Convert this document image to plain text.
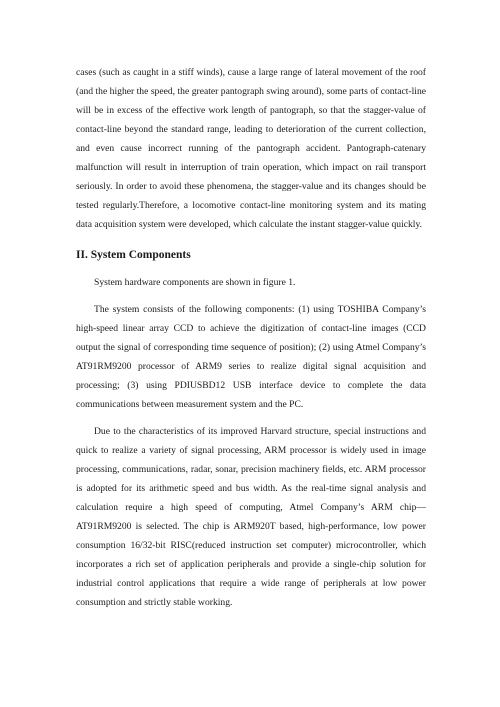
cases (such as caught in a stiff winds), cause a large range of lateral movement of the roof (and the higher the speed, the greater pantograph swing around), some parts of contact-line will be in excess of the effective work length of pantograph, so that the stagger-value of contact-line beyond the standard range, leading to deterioration of the current collection, and even cause incorrect running of the pantograph accident. Pantograph-catenary malfunction will result in interruption of train operation, which impact on rail transport seriously. In order to avoid these phenomena, the stagger-value and its changes should be tested regularly.Therefore, a locomotive contact-line monitoring system and its mating data acquisition system were developed, which calculate the instant stagger-value quickly.

II. System Components

System hardware components are shown in figure 1.

The system consists of the following components: (1) using TOSHIBA Company’s high-speed linear array CCD to achieve the digitization of contact-line images (CCD output the signal of corresponding time sequence of position); (2) using Atmel Company’s AT91RM9200 processor of ARM9 series to realize digital signal acquisition and processing; (3) using PDIUSBD12 USB interface device to complete the data communications between measurement system and the PC.

Due to the characteristics of its improved Harvard structure, special instructions and quick to realize a variety of signal processing, ARM processor is widely used in image processing, communications, radar, sonar, precision machinery fields, etc. ARM processor is adopted for its arithmetic speed and bus width. As the real-time signal analysis and calculation require a high speed of computing, Atmel Company’s ARM chip—AT91RM9200 is selected. The chip is ARM920T based, high-performance, low power consumption 16/32-bit RISC(reduced instruction set computer) microcontroller, which incorporates a rich set of application peripherals and provide a single-chip solution for industrial control applications that require a wide range of peripherals at low power consumption and strictly stable working.
